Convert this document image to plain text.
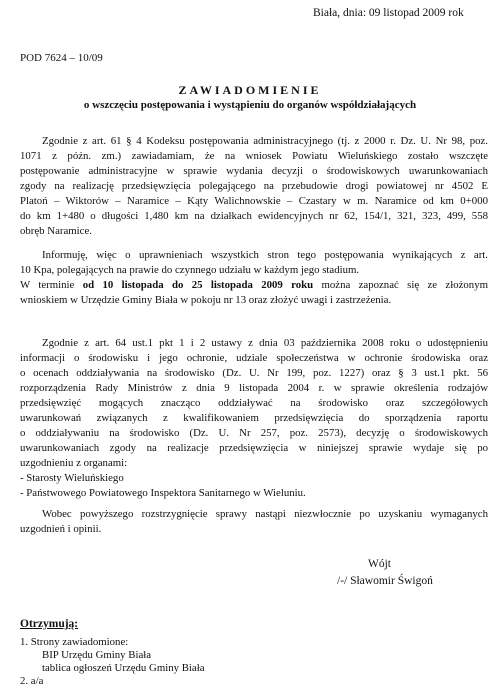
Biała, dnia: 09 listopad 2009 rok
POD 7624 – 10/09
ZAWIADOMIENIE
o wszczęciu postępowania i wystąpieniu do organów współdziałających
Zgodnie z art. 61 § 4 Kodeksu postępowania administracyjnego (tj. z 2000 r. Dz. U. Nr 98, poz.
1071 z późn. zm.) zawiadamiam, że na wniosek Powiatu Wieluńskiego zostało wszczęte
postępowanie administracyjne w sprawie wydania decyzji o środowiskowych uwarunkowaniach
zgody na realizację przedsięwzięcia polegającego na przebudowie drogi powiatowej nr 4502 E
Platoń – Wiktorów – Naramice – Kąty Walichnowskie – Czastary w m. Naramice od km 0+000
do km 1+480 o długości 1,480 km na działkach ewidencyjnych nr 62, 154/1, 321, 323, 499, 558
obręb Naramice.
Informuję, więc o uprawnieniach wszystkich stron tego postępowania wynikających z art.
10 Kpa, polegających na prawie do czynnego udziału w każdym jego stadium.
W terminie od 10 listopada do 25 listopada 2009 roku można zapoznać się ze złożonym
wnioskiem w Urzędzie Gminy Biała w pokoju nr 13 oraz złożyć uwagi i zastrzeżenia.
Zgodnie z art. 64 ust.1 pkt 1 i 2 ustawy z dnia 03 października 2008 roku o udostępnieniu
informacji o środowisku i jego ochronie, udziale społeczeństwa w ochronie środowiska oraz
o ocenach oddziaływania na środowisko (Dz. U. Nr 199, poz. 1227) oraz § 3 ust.1 pkt. 56
rozporządzenia Rady Ministrów z dnia 9 listopada 2004 r. w sprawie określenia rodzajów
przedsięwzięć mogących znacząco oddziaływać na środowisko oraz szczegółowych
uwarunkowań związanych z kwalifikowaniem przedsięwzięcia do sporządzenia raportu
o oddziaływaniu na środowisko (Dz. U. Nr 257, poz. 2573), decyzję o środowiskowych
uwarunkowaniach zgody na realizacje przedsięwzięcia w niniejszej sprawie wydaje się po
uzgodnieniu z organami:
- Starosty Wieluńskiego
- Państwowego Powiatowego Inspektora Sanitarnego w Wieluniu.
Wobec powyższego rozstrzygnięcie sprawy nastąpi niezwłocznie po uzyskaniu wymaganych
uzgodnień i opinii.
Wójt
/-/ Sławomir Świgoń
Otrzymują:
1. Strony zawiadomione:
BIP Urzędu Gminy Biała
tablica ogłoszeń Urzędu Gminy Biała
2. a/a
